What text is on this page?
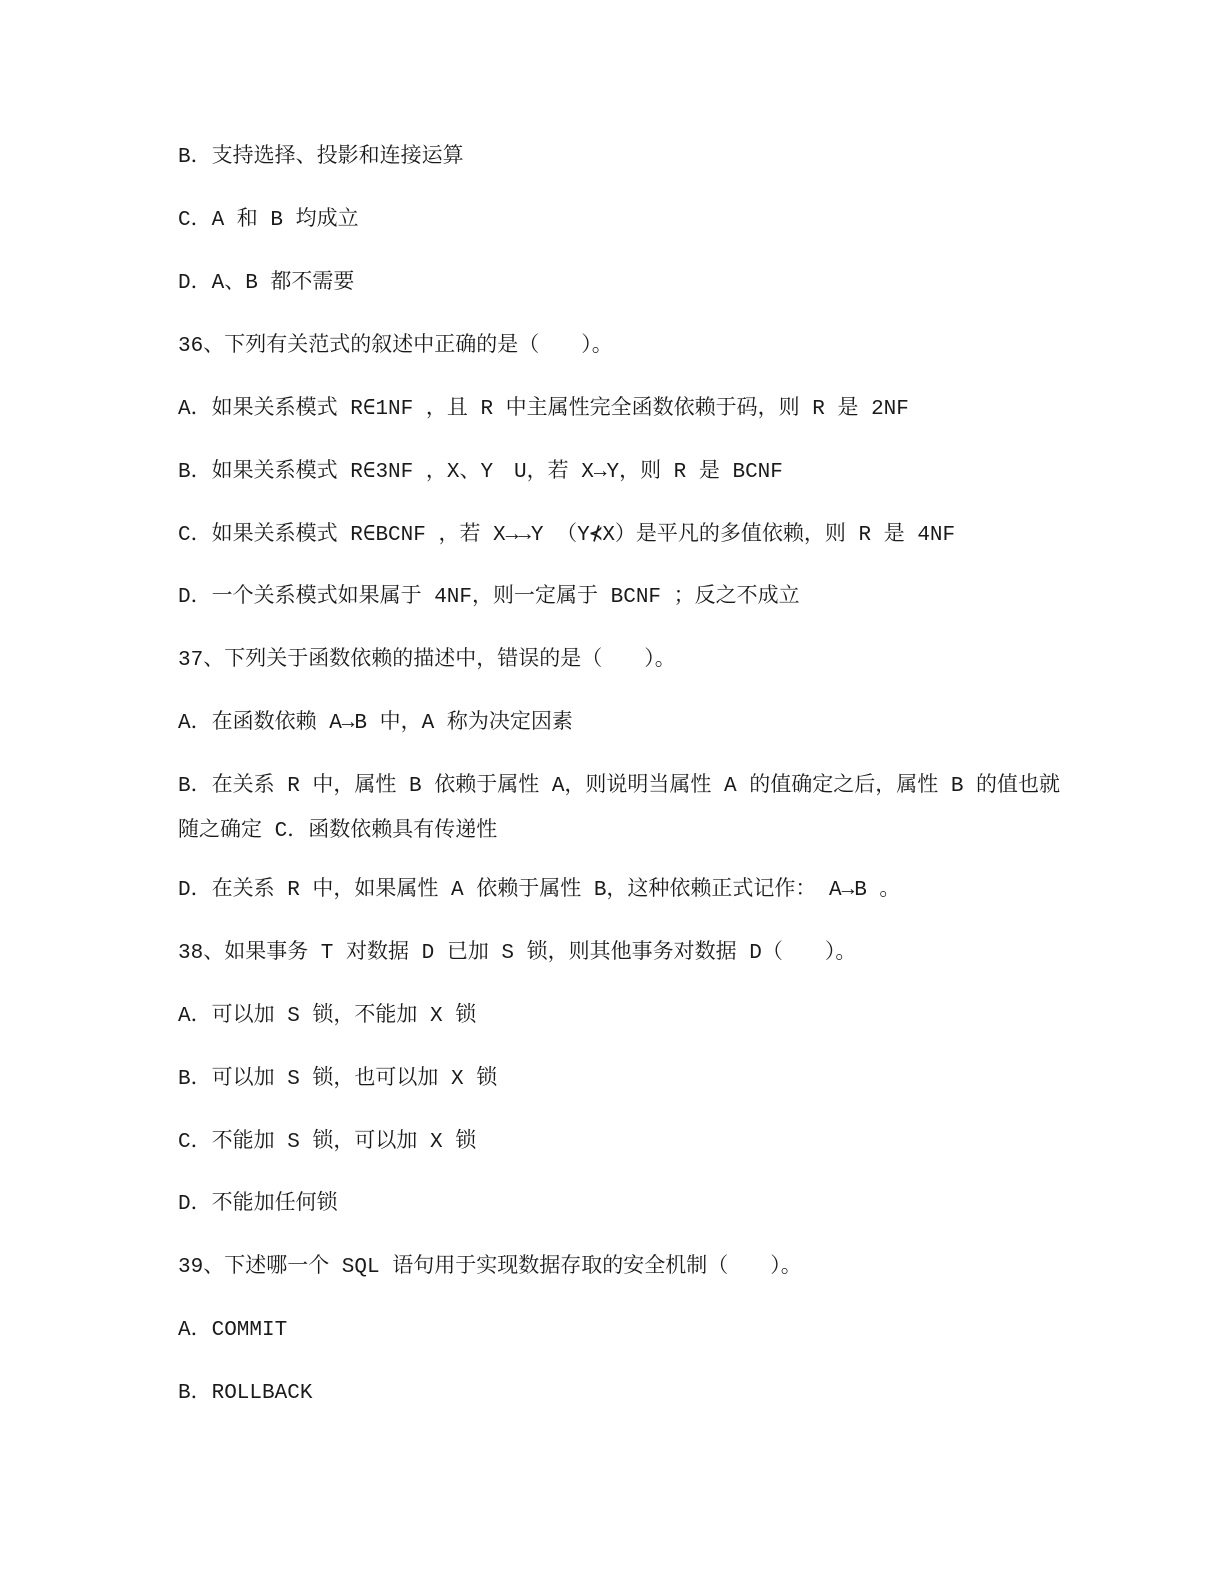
B．支持选择、投影和连接运算

C．A 和 B 均成立

D．A、B 都不需要

36、下列有关范式的叙述中正确的是（　　）。

A．如果关系模式 R∈1NF ，且 R 中主属性完全函数依赖于码，则 R 是 2NF

B．如果关系模式 R∈3NF ，X、Y　U，若 X→Y，则 R 是 BCNF

C．如果关系模式 R∈BCNF ，若 X→→Y （Y⊀X）是平凡的多值依赖，则 R 是 4NF

D．一个关系模式如果属于 4NF，则一定属于 BCNF ；反之不成立

37、下列关于函数依赖的描述中，错误的是（　　）。

A．在函数依赖 A→B 中，A 称为决定因素

B．在关系 R 中，属性 B 依赖于属性 A，则说明当属性 A 的值确定之后，属性 B 的值也就

随之确定 C．函数依赖具有传递性

D．在关系 R 中，如果属性 A 依赖于属性 B，这种依赖正式记作： A→B 。

38、如果事务 T 对数据 D 已加 S 锁，则其他事务对数据 D（　　）。

A．可以加 S 锁，不能加 X 锁

B．可以加 S 锁，也可以加 X 锁

C．不能加 S 锁，可以加 X 锁

D．不能加任何锁

39、下述哪一个 SQL 语句用于实现数据存取的安全机制（　　）。

A．COMMIT

B．ROLLBACK
